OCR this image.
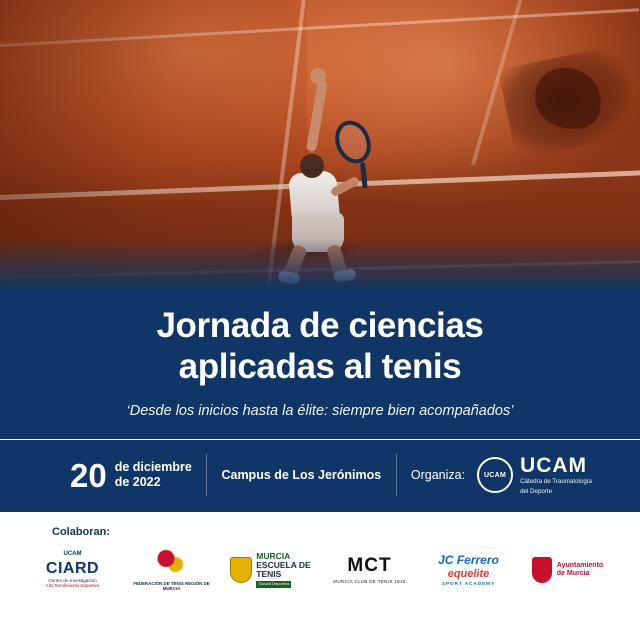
Jornada de ciencias
aplicadas al tenis
‘Desde los inicios hasta la élite: siempre bien acompañados’
20 de diciembre
de 2022	Campus de Los Jerónimos Organiza:	UCAM UCAM
Cátedra de Traumatología
del Deporte
Colaboran:
UCAM
CIARD
Centro de Investigación
Alto Rendimiento Deportivo	FEDERACIÓN DE TENIS REGIÓN DE MURCIA
MURCIA
ESCUELA DE
TENIS
Ciudad Deportiva
MCT
MURCIA CLUB DE TENIS 1919
JC Ferrero
equelite
SPORT ACADEMY
Ayuntamiento
de Murcia
